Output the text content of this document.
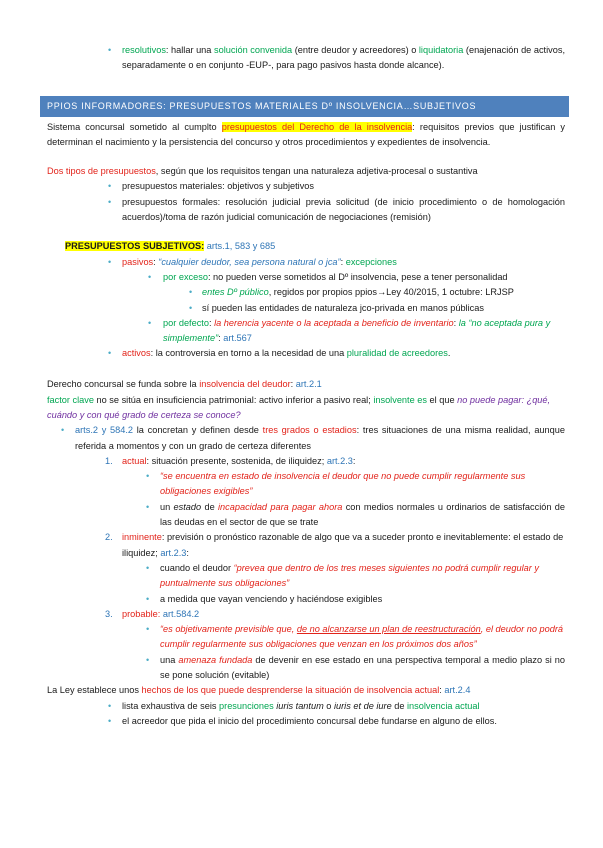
• resolutivos: hallar una solución convenida (entre deudor y acreedores) o liquidatoria (enajenación de activos, separadamente o en conjunto -EUP-, para pago pasivos hasta donde alcance).

PPIOS INFORMADORES: PRESUPUESTOS MATERIALES Dº INSOLVENCIA…SUBJETIVOS

Sistema concursal sometido al cumplto presupuestos del Derecho de la insolvencia: requisitos previos que justifican y determinan el nacimiento y la persistencia del concurso y otros procedimientos y expedientes de insolvencia.

Dos tipos de presupuestos, según que los requisitos tengan una naturaleza adjetiva-procesal o sustantiva

• presupuestos materiales: objetivos y subjetivos

• presupuestos formales: resolución judicial previa solicitud (de inicio procedimiento o de homologación acuerdos)/toma de razón judicial comunicación de negociaciones (remisión)

PRESUPUESTOS SUBJETIVOS: arts.1, 583 y 685

• pasivos: “cualquier deudor, sea persona natural o jca”: excepciones

• por exceso: no pueden verse sometidos al Dº insolvencia, pese a tener personalidad

• entes Dº público, regidos por propios ppios→Ley 40/2015, 1 octubre: LRJSP

• sí pueden las entidades de naturaleza jco-privada en manos públicas

• por defecto: la herencia yacente o la aceptada a beneficio de inventario: la “no aceptada pura y simplemente”: art.567

• activos: la controversia en torno a la necesidad de una pluralidad de acreedores.

Derecho concursal se funda sobre la insolvencia del deudor: art.2.1

factor clave no se sitúa en insuficiencia patrimonial: activo inferior a pasivo real; insolvente es el que no puede pagar: ¿qué, cuándo y con qué grado de certeza se conoce?

• arts.2 y 584.2 la concretan y definen desde tres grados o estadios: tres situaciones de una misma realidad, aunque referida a momentos y con un grado de certeza diferentes

1. actual: situación presente, sostenida, de iliquidez; art.2.3:

• “se encuentra en estado de insolvencia el deudor que no puede cumplir regularmente sus obligaciones exigibles”

• un estado de incapacidad para pagar ahora con medios normales u ordinarios de satisfacción de las deudas en el sector de que se trate

2. inminente: previsión o pronóstico razonable de algo que va a suceder pronto e inevitablemente: el estado de iliquidez; art.2.3:

• cuando el deudor “prevea que dentro de los tres meses siguientes no podrá cumplir regular y puntualmente sus obligaciones”

• a medida que vayan venciendo y haciéndose exigibles

3. probable: art.584.2

• “es objetivamente previsible que, de no alcanzarse un plan de reestructuración, el deudor no podrá cumplir regularmente sus obligaciones que venzan en los próximos dos años”

• una amenaza fundada de devenir en ese estado en una perspectiva temporal a medio plazo si no se pone solución (evitable)

La Ley establece unos hechos de los que puede desprenderse la situación de insolvencia actual: art.2.4

• lista exhaustiva de seis presunciones iuris tantum o iuris et de iure de insolvencia actual

• el acreedor que pida el inicio del procedimiento concursal debe fundarse en alguno de ellos.
